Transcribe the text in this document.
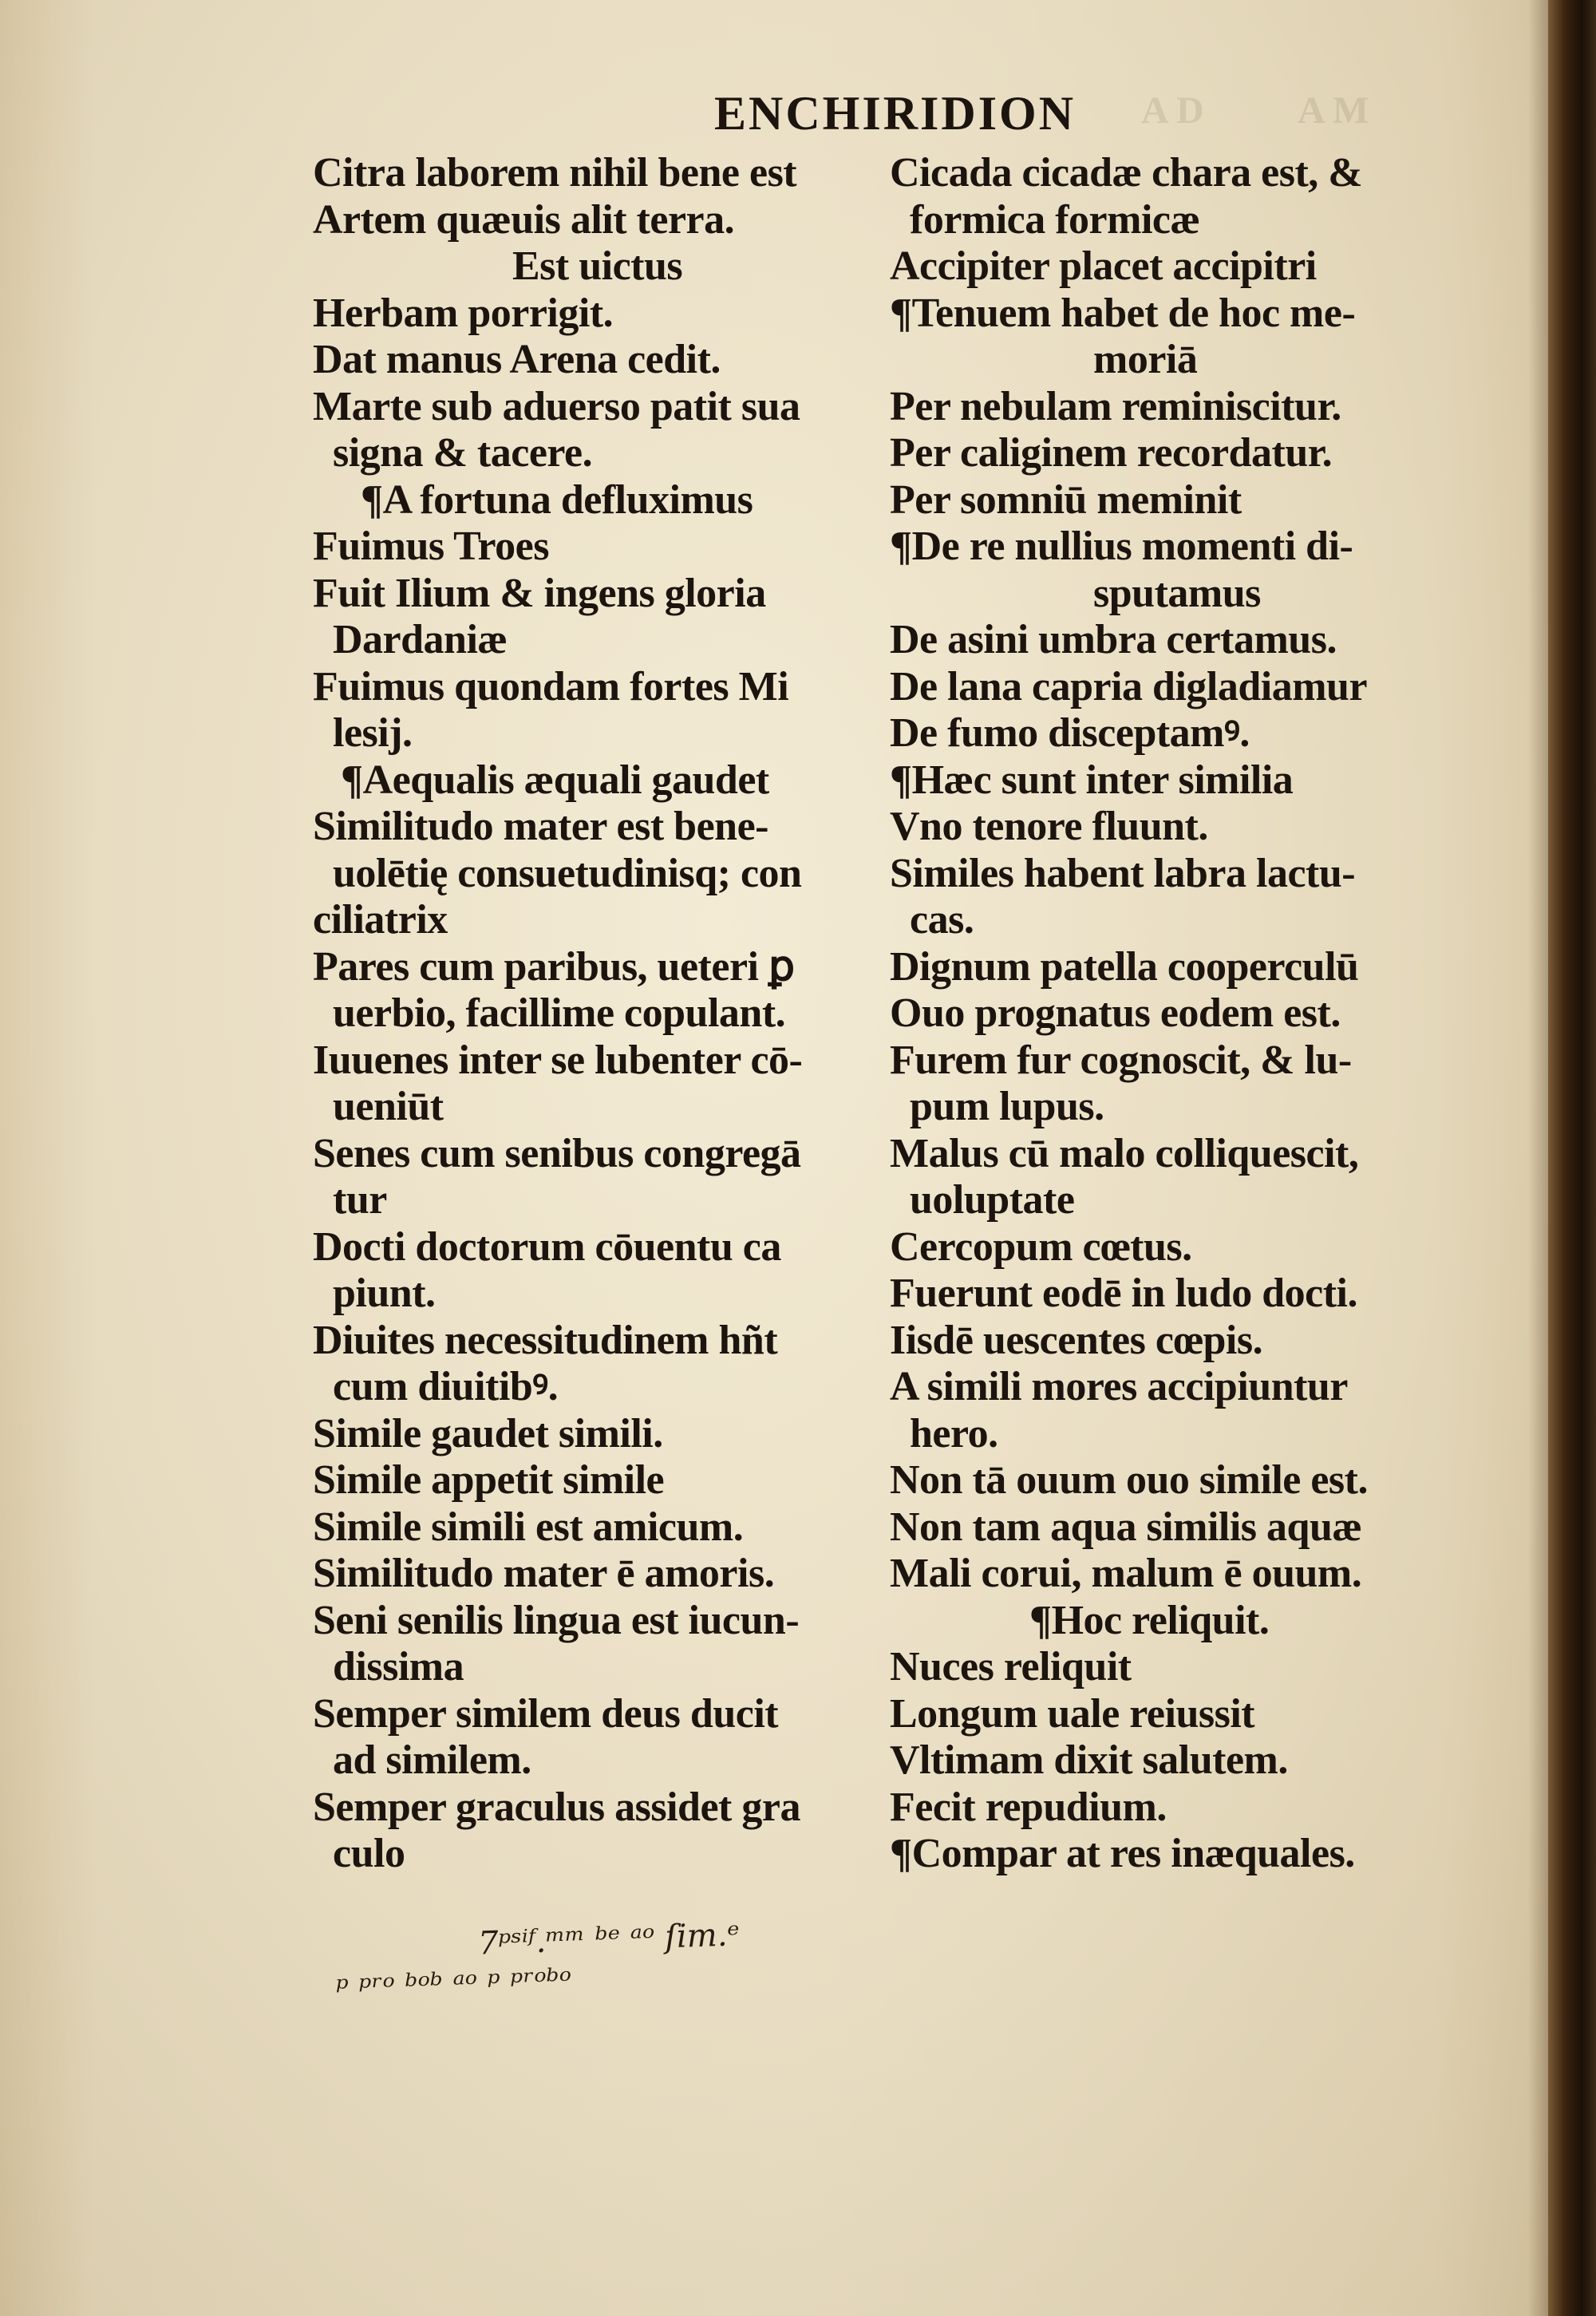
A D          A M
ENCHIRIDION
Citra laborem nihil bene est
Artem quæuis alit terra.
Est uictus
Herbam porrigit.
Dat manus Arena cedit.
Marte sub aduerso patit sua
signa & tacere.
¶A fortuna defluximus
Fuimus Troes
Fuit Ilium & ingens gloria
Dardaniæ
Fuimus quondam fortes Mi
lesij.
¶Aequalis æquali gaudet
Similitudo mater est bene-
uolētię consuetudinisq; con
ciliatrix
Pares cum paribus, ueteri ꝑ
uerbio, facillime copulant.
Iuuenes inter se lubenter cō-
ueniūt
Senes cum senibus congregā
tur
Docti doctorum cōuentu ca
piunt.
Diuites necessitudinem hñt
cum diuitibꝰ.
Simile gaudet simili.
Simile appetit simile
Simile simili est amicum.
Similitudo mater ē amoris.
Seni senilis lingua est iucun-
dissima
Semper similem deus ducit
ad similem.
Semper graculus assidet gra
culo
Cicada cicadæ chara est, &
formica formicæ
Accipiter placet accipitri
¶Tenuem habet de hoc me-
moriā
Per nebulam reminiscitur.
Per caliginem recordatur.
Per somniū meminit
¶De re nullius momenti di-
sputamus
De asini umbra certamus.
De lana capria digladiamur
De fumo disceptamꝰ.
¶Hæc sunt inter similia
Vno tenore fluunt.
Similes habent labra lactu-
cas.
Dignum patella cooperculū
Ouo prognatus eodem est.
Furem fur cognoscit, & lu-
pum lupus.
Malus cū malo colliquescit,
uoluptate
Cercopum cœtus.
Fuerunt eodē in ludo docti.
Iisdē uescentes cœpis.
A simili mores accipiuntur
hero.
Non tā ouum ouo simile est.
Non tam aqua similis aquæ
Mali corui, malum ē ouum.
¶Hoc reliquit.
Nuces reliquit
Longum uale reiussit
Vltimam dixit salutem.
Fecit repudium.
¶Compar at res inæquales.
7ᵖˢⁱᶠ.ᵐᵐ ᵇᵉ ᵃᵒ ſim.ᵉ
ᵖ ᵖʳᵒ ᵇᵒᵇ ᵃᵒ ᵖ ᵖʳᵒᵇᵒ
